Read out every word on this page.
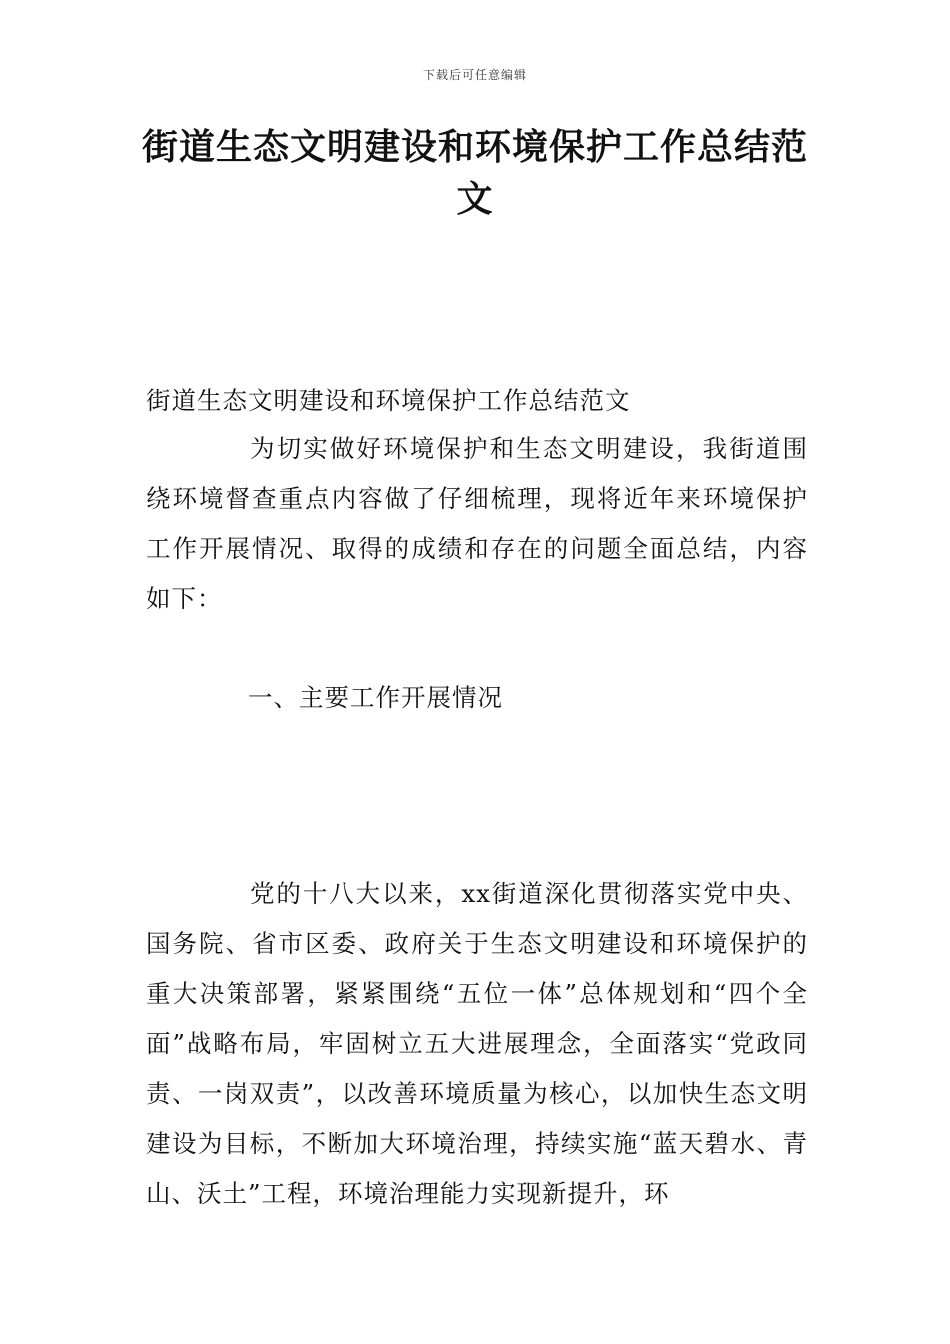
下载后可任意编辑
街道生态文明建设和环境保护工作总结范文

街道生态文明建设和环境保护工作总结范文

为切实做好环境保护和生态文明建设，我街道围绕环境督查重点内容做了仔细梳理，现将近年来环境保护工作开展情况、取得的成绩和存在的问题全面总结，内容如下：

一、主要工作开展情况

党的十八大以来，xx街道深化贯彻落实党中央、国务院、省市区委、政府关于生态文明建设和环境保护的重大决策部署，紧紧围绕“五位一体”总体规划和“四个全面”战略布局，牢固树立五大进展理念，全面落实“党政同责、一岗双责”，以改善环境质量为核心，以加快生态文明建设为目标，不断加大环境治理，持续实施“蓝天碧水、青山、沃土”工程，环境治理能力实现新提升，环
